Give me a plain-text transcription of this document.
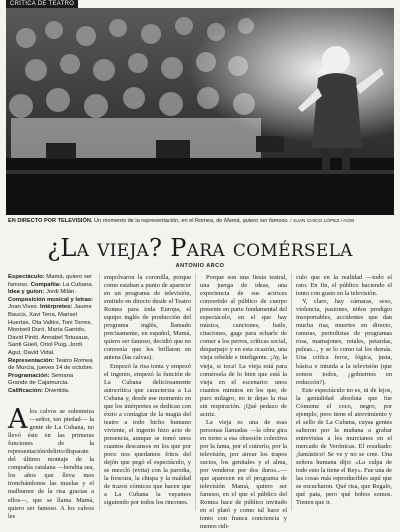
CRÍTICA DE TEATRO
EN DIRECTO POR TELEVISIÓN. Un momento de la representación, en el Romea, de Mamá, quiero ser famoso. / JUAN CHICO LÓPEZ / AGM
¿La vieja? Para comérsela
ANTONIO ARCO
Espectáculo: Mamá, quiero ser famoso. Compañía: La Cubana. Idea y guion: Jordi Milán. Composición musical y letras: Joan Vives. Intérpretes: Jaume Baucis, Xavi Tena, Marisel Huertas, Ota Vallès, Toni Torres, Montxell Duró, María Garrido, David Pintó, Annabel Totusaus, Santi Güell, Oriol Puig, Jordi Agut, David Vidal. Representación: Teatro Romea de Murcia, jueves 14 de octubre. Programación: Semana Grande de Cajamurcia. Calificación: Divertida.

Alos calvos se solemniza —señor, ten piedad— la gente de La Cubana, no llevó éste en las primeras funciones de la representación/delirio/disparate del último montaje de la compañía catalana —bendita sea, los años que lleva mos tronchándonos las muelas y el malhumor de la risa gracias a ellos—, que se llama Mamá, quiero ser famoso. A los calvos les

empolvaron la coronilla, porque como estaban a punto de aparecer en un programa de televisión, emitido en directo desde el Teatro Romea para toda Europa, el equipo inglés de producción del programa inglés, llamado precisamente, en español, Mamá, quiero ser famoso, decidió que no convenía que les brillaran en antena (las calvas).

Empezó la risa tonta y empezó el ingenio, empezó la función de La Cubana deliciosamente autocrítica que caracteriza a La Cubana y, desde ese momento en que los intérpretes se dedican con éxito a contagiar de la magia del teatro a todo bicho humano viviente, el ingenio hizo acto de presencia, aunque se tomó unos cuantos descansos en los que por poco nos quedamos fritos del dejón que pegó el espectáculo, y se mezcló (evita) con la parodia, la frescura, la chispa y la maldad de trazos cómicos que hacen que a La Cubana la vayamos siguiendo por todos los rincones.

Porque son una fiesta teatral, una juerga de ideas, una experiencia de sus actrices convertido al público de cuerpo presente en parte fundamental del espectáculo, en el que hay música, canciones, baile, citaciones, gags para echarle de comer a los perros, críticas social, desparpajo y en esta ocasión, una vieja rebelde e inteligente. ¡Ay, la vieja, si toca! La vieja está para comérsela de lo bien que está la vieja en el escenario: unos cuantos minutos en los que, de puro milagro, no te dejas la risa sin respiración. ¡Qué pedazo de actriz.

La vieja es una de esas personas llamadas —la obra gira en torno a esa obsesión colectiva por la fama, por el cutrerío, por la televisión, por airear los trapos sucios, los genitales y el alma, por venderse por dos duros...— que aparecen en el programa de televisión Mamá, quiero ser famoso, en el que el público del Romea hace de público invitado en el plató y como tal hace el tonto con franca conciencia y menos ridi-

culo que en la realidad —todo el rato. En fin, el público haciendo el tonto con gusto en la televisión.

Y, claro, hay cámaras, seso, violencia, pasiones, niños prodigio insoportables, accidentes que dan mucha risa, muertes en directo, ranuras, periodistas de programas rosa, mamajones, retales, petardas, peleas..., y se lo como tal los demás. Una crítica feroz, lógica, justa, básica e intuida a la televisión (que somos todos, ¿gobiernos en reduccón?).

Este espectáculo no es, ni de lejos, la genialidad absoluta que fue Cómeme el coco, negro, por ejemplo, pero tiene el atrevimiento y el sello de La Cubana, cuyas gentes salieron por la mañana a grabar entrevistas a los murcianos en el mercado de Verónicas. El resultado: ¡fantástico! Se ve y no se cree. Una señora humana dijo: «La culpa de todo esto la tiene el Rey». Fue una de las cosas más reproducibles aquí que se escucharon. Qué risa, que Regalo, qué pata, pero qué bobos somos. Tienen que ir.
